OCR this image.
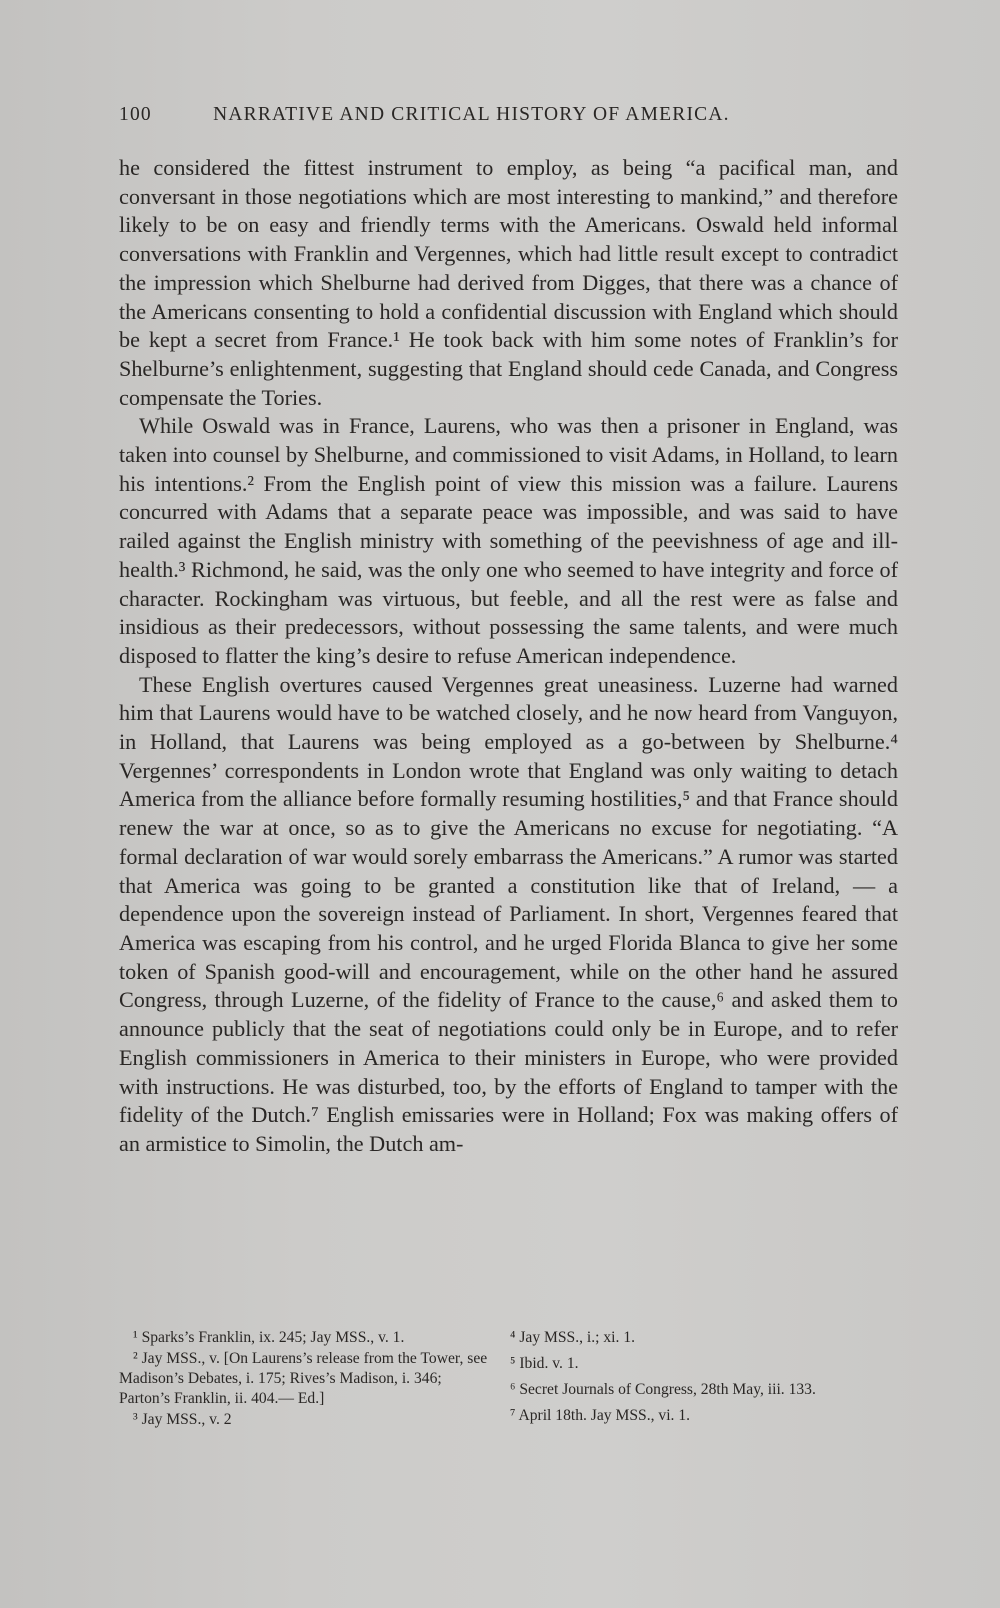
100	NARRATIVE AND CRITICAL HISTORY OF AMERICA.

he considered the fittest instrument to employ, as being “a pacifical man, and conversant in those negotiations which are most interesting to mankind,” and therefore likely to be on easy and friendly terms with the Americans. Oswald held informal conversations with Franklin and Vergennes, which had little result except to contradict the impression which Shelburne had derived from Digges, that there was a chance of the Americans consenting to hold a confidential discussion with England which should be kept a secret from France.¹ He took back with him some notes of Franklin’s for Shelburne’s enlightenment, suggesting that England should cede Canada, and Congress compensate the Tories.

While Oswald was in France, Laurens, who was then a prisoner in England, was taken into counsel by Shelburne, and commissioned to visit Adams, in Holland, to learn his intentions.² From the English point of view this mission was a failure. Laurens concurred with Adams that a separate peace was impossible, and was said to have railed against the English ministry with something of the peevishness of age and ill-health.³ Richmond, he said, was the only one who seemed to have integrity and force of character. Rockingham was virtuous, but feeble, and all the rest were as false and insidious as their predecessors, without possessing the same talents, and were much disposed to flatter the king’s desire to refuse American independence.

These English overtures caused Vergennes great uneasiness. Luzerne had warned him that Laurens would have to be watched closely, and he now heard from Vanguyon, in Holland, that Laurens was being employed as a go-between by Shelburne.⁴ Vergennes’ correspondents in London wrote that England was only waiting to detach America from the alliance before formally resuming hostilities,⁵ and that France should renew the war at once, so as to give the Americans no excuse for negotiating. “A formal declaration of war would sorely embarrass the Americans.” A rumor was started that America was going to be granted a constitution like that of Ireland, — a dependence upon the sovereign instead of Parliament. In short, Vergennes feared that America was escaping from his control, and he urged Florida Blanca to give her some token of Spanish good-will and encouragement, while on the other hand he assured Congress, through Luzerne, of the fidelity of France to the cause,⁶ and asked them to announce publicly that the seat of negotiations could only be in Europe, and to refer English commissioners in America to their ministers in Europe, who were provided with instructions. He was disturbed, too, by the efforts of England to tamper with the fidelity of the Dutch.⁷ English emissaries were in Holland; Fox was making offers of an armistice to Simolin, the Dutch am-

¹ Sparks’s Franklin, ix. 245; Jay MSS., v. 1.

² Jay MSS., v. [On Laurens’s release from the Tower, see Madison’s Debates, i. 175; Rives’s Madison, i. 346; Parton’s Franklin, ii. 404.— Ed.]

³ Jay MSS., v. 2

⁴ Jay MSS., i.; xi. 1.

⁵ Ibid. v. 1.

⁶ Secret Journals of Congress, 28th May, iii. 133.

⁷ April 18th. Jay MSS., vi. 1.
